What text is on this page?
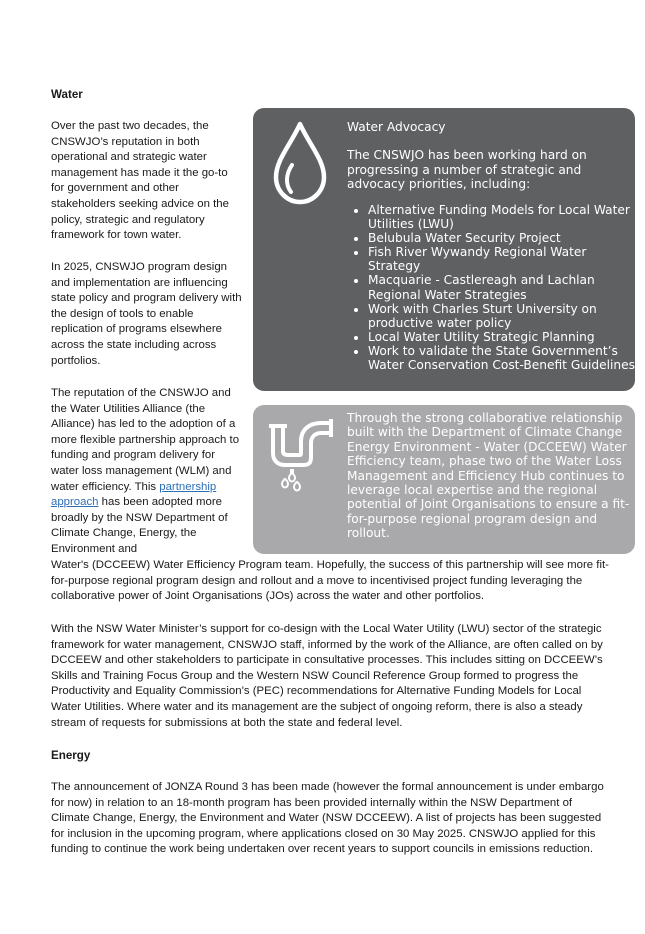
Water

Over the past two decades, the CNSWJO’s reputation in both operational and strategic water management has made it the go-to for government and other stakeholders seeking advice on the policy, strategic and regulatory framework for town water.

In 2025, CNSWJO program design and implementation are influencing state policy and program delivery with the design of tools to enable replication of programs elsewhere across the state including across portfolios.

The reputation of the CNSWJO and the Water Utilities Alliance (the Alliance) has led to the adoption of a more flexible partnership approach to funding and program delivery for water loss management (WLM) and water efficiency. This partnership approach has been adopted more broadly by the NSW Department of Climate Change, Energy, the Environment and

Water's (DCCEEW) Water Efficiency Program team. Hopefully, the success of this partnership will see more fit-for-purpose regional program design and rollout and a move to incentivised project funding leveraging the collaborative power of Joint Organisations (JOs) across the water and other portfolios.

With the NSW Water Minister’s support for co-design with the Local Water Utility (LWU) sector of the strategic framework for water management, CNSWJO staff, informed by the work of the Alliance, are often called on by DCCEEW and other stakeholders to participate in consultative processes. This includes sitting on DCCEEW’s Skills and Training Focus Group and the Western NSW Council Reference Group formed to progress the Productivity and Equality Commission’s (PEC) recommendations for Alternative Funding Models for Local Water Utilities. Where water and its management are the subject of ongoing reform, there is also a steady stream of requests for submissions at both the state and federal level.

Water Advocacy
The CNSWJO has been working hard on progressing a number of strategic and advocacy priorities, including:
• Alternative Funding Models for Local Water Utilities (LWU)
• Belubula Water Security Project
• Fish River Wywandy Regional Water Strategy
• Macquarie - Castlereagh and Lachlan Regional Water Strategies
• Work with Charles Sturt University on productive water policy
• Local Water Utility Strategic Planning
• Work to validate the State Government’s Water Conservation Cost-Benefit Guidelines
Through the strong collaborative relationship built with the Department of Climate Change Energy Environment - Water (DCCEEW) Water Efficiency team, phase two of the Water Loss Management and Efficiency Hub continues to leverage local expertise and the regional potential of Joint Organisations to ensure a fit-for-purpose regional program design and rollout.
Energy

The announcement of JONZA Round 3 has been made (however the formal announcement is under embargo for now) in relation to an 18-month program has been provided internally within the NSW Department of Climate Change, Energy, the Environment and Water (NSW DCCEEW). A list of projects has been suggested for inclusion in the upcoming program, where applications closed on 30 May 2025. CNSWJO applied for this funding to continue the work being undertaken over recent years to support councils in emissions reduction.
